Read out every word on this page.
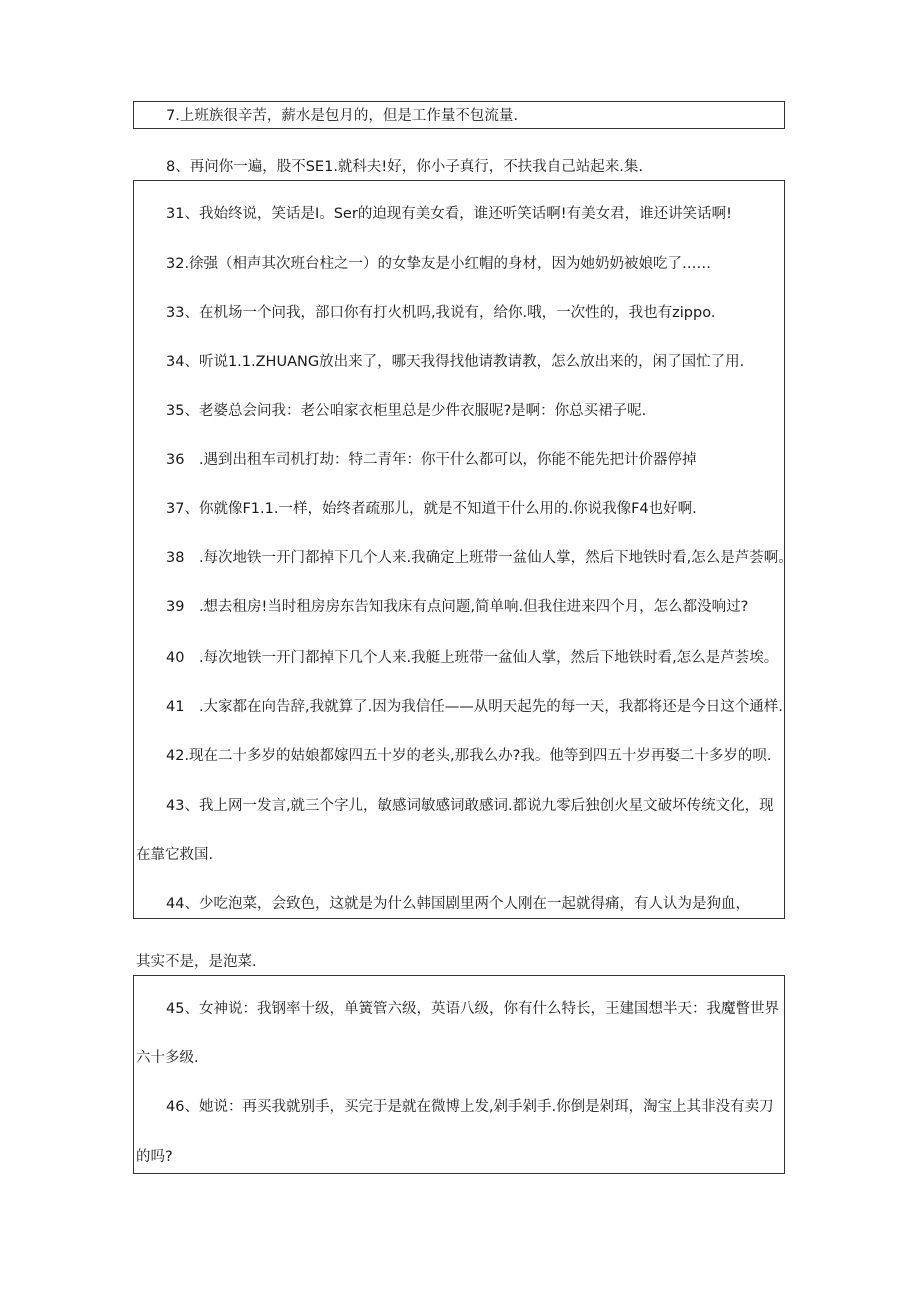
7.上班族很辛苦，薪水是包月的，但是工作量不包流量.
8、再问你一遍，股不SE1.就科夫!好，你小子真行，不扶我自己站起来.集.
31、我始终说，笑话是I。Ser的迫现有美女看，谁还听笑话啊!有美女君，谁还讲笑话啊!
32.徐强（相声其次班台柱之一）的女挚友是小红帽的身材，因为她奶奶被娘吃了……
33、在机场一个问我，部口你有打火机吗,我说有，给你.哦，一次性的，我也有zippo.
34、听说1.1.ZHUANG放出来了，哪天我得找他请教请教，怎么放出来的，闲了国忙了用.
35、老婆总会问我：老公咱家衣柜里总是少件衣服呢?是啊：你总买裙子呢.
36　.遇到出租车司机打劫：特二青年：你干什么都可以，你能不能先把计价器停掉
37、你就像F1.1.一样，始终者疏那儿，就是不知道干什么用的.你说我像F4也好啊.
38　.每次地铁一开门都掉下几个人来.我确定上班带一盆仙人掌，然后下地铁时看,怎么是芦荟啊。
39　.想去租房!当时租房房东告知我床有点问题,简单响.但我住进来四个月，怎么都没响过?
40　.每次地铁一开门都掉下几个人来.我艇上班带一盆仙人掌，然后下地铁时看,怎么是芦荟埃。
41　.大家都在向告辞,我就算了.因为我信任——从明天起先的每一天，我都将还是今日这个通样.
42.现在二十多岁的姑娘都嫁四五十岁的老头,那我么办?我。他等到四五十岁再娶二十多岁的呗.
43、我上网一发言,就三个字儿，敏感词敏感词敢感词.都说九零后独创火星文破坏传统文化，现
在靠它救国.
44、少吃泡菜，会致色，这就是为什么韩国剧里两个人刚在一起就得痛，有人认为是狗血，
其实不是，是泡菜.
45、女神说：我钢率十级，单簧管六级，英语八级，你有什么特长，王建国想半天：我魔瞥世界
六十多级.
46、她说：再买我就别手，买完于是就在微博上发,剁手剁手.你倒是剁珥，淘宝上其非没有卖刀
的吗?
